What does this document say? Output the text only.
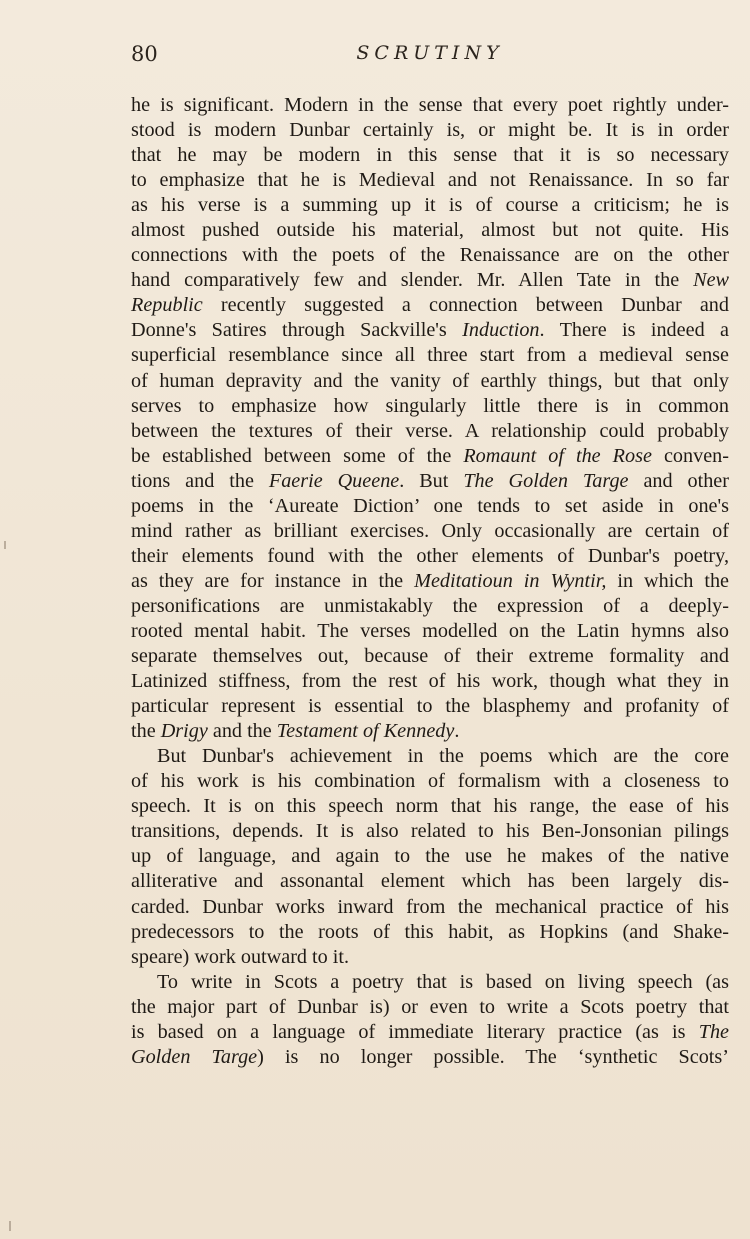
80	SCRUTINY

he is significant. Modern in the sense that every poet rightly under-
stood is modern Dunbar certainly is, or might be. It is in order
that he may be modern in this sense that it is so necessary
to emphasize that he is Medieval and not Renaissance. In so far
as his verse is a summing up it is of course a criticism; he is
almost pushed outside his material, almost but not quite. His
connections with the poets of the Renaissance are on the other
hand comparatively few and slender. Mr. Allen Tate in the New
Republic recently suggested a connection between Dunbar and
Donne's Satires through Sackville's Induction. There is indeed a
superficial resemblance since all three start from a medieval sense
of human depravity and the vanity of earthly things, but that only
serves to emphasize how singularly little there is in common
between the textures of their verse. A relationship could probably
be established between some of the Romaunt of the Rose conven-
tions and the Faerie Queene. But The Golden Targe and other
poems in the ‘Aureate Diction’ one tends to set aside in one's
mind rather as brilliant exercises. Only occasionally are certain of
their elements found with the other elements of Dunbar's poetry,
as they are for instance in the Meditatioun in Wyntir, in which the
personifications are unmistakably the expression of a deeply-
rooted mental habit. The verses modelled on the Latin hymns also
separate themselves out, because of their extreme formality and
Latinized stiffness, from the rest of his work, though what they in
particular represent is essential to the blasphemy and profanity of
the Drigy and the Testament of Kennedy.

But Dunbar's achievement in the poems which are the core
of his work is his combination of formalism with a closeness to
speech. It is on this speech norm that his range, the ease of his
transitions, depends. It is also related to his Ben-Jonsonian pilings
up of language, and again to the use he makes of the native
alliterative and assonantal element which has been largely dis-
carded. Dunbar works inward from the mechanical practice of his
predecessors to the roots of this habit, as Hopkins (and Shake-
speare) work outward to it.

To write in Scots a poetry that is based on living speech (as
the major part of Dunbar is) or even to write a Scots poetry that
is based on a language of immediate literary practice (as is The
Golden Targe) is no longer possible. The ‘synthetic Scots’
